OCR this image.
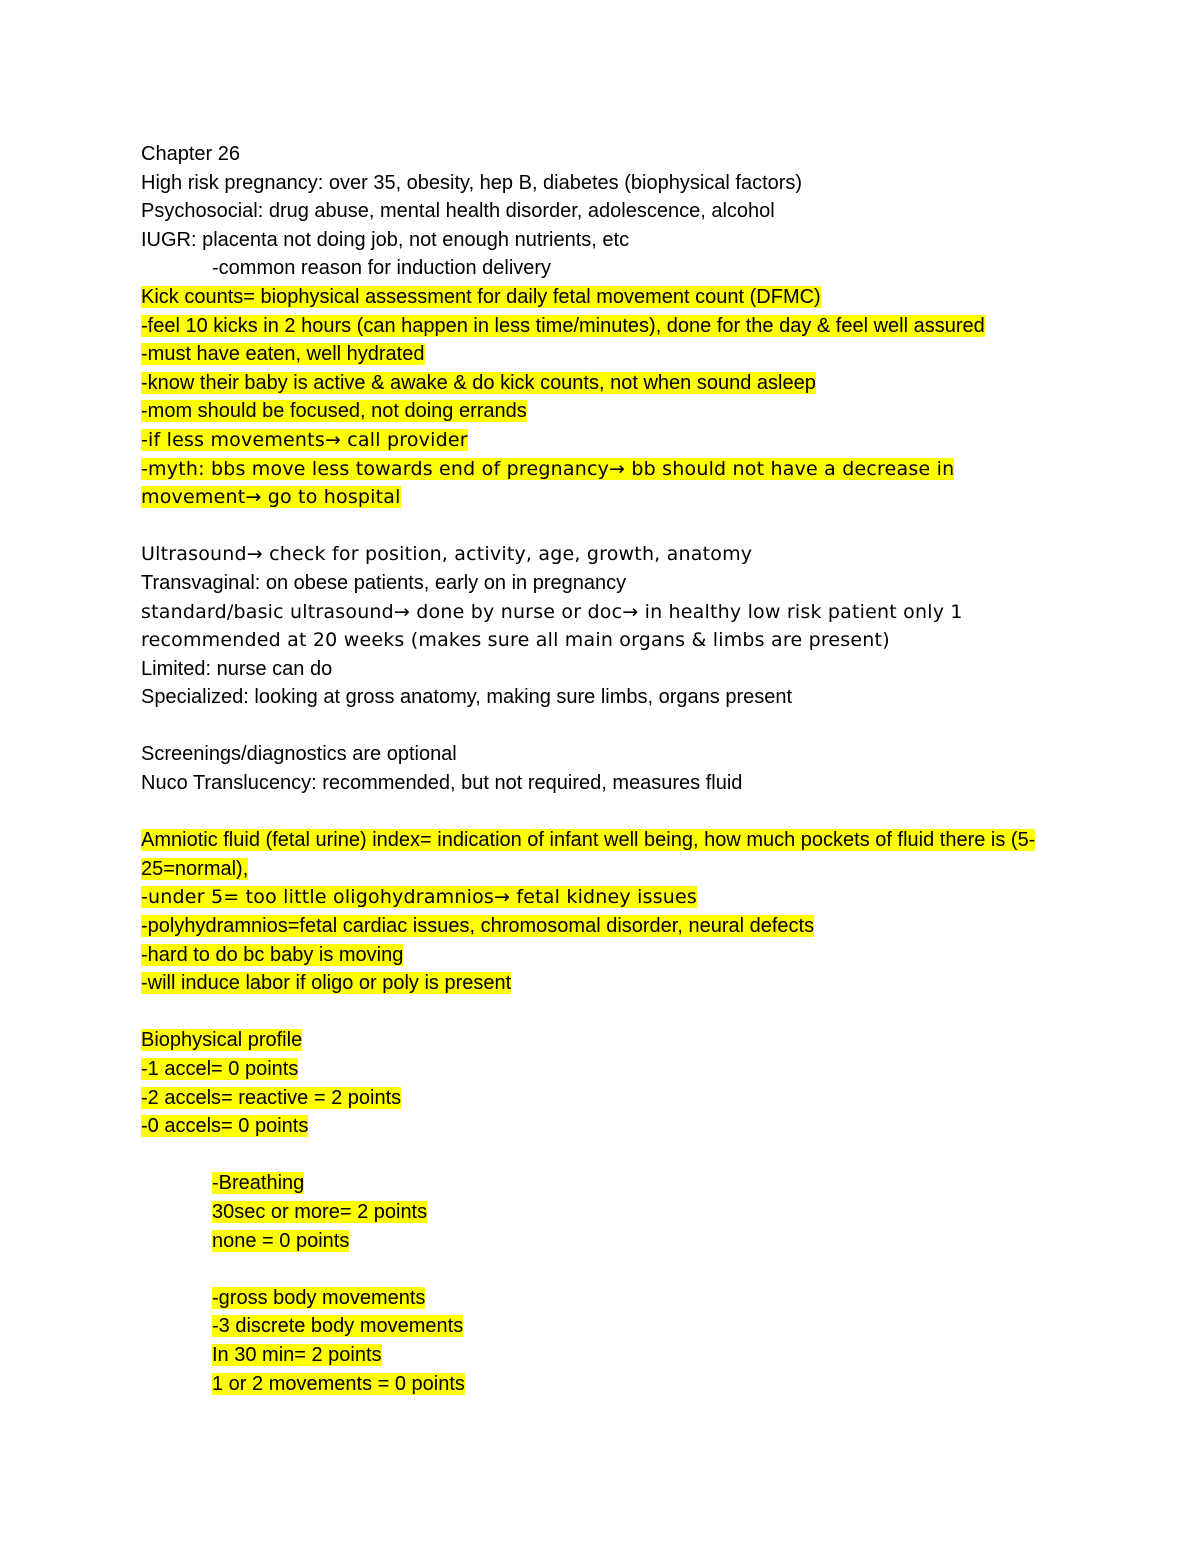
Chapter 26
High risk pregnancy: over 35, obesity, hep B, diabetes (biophysical factors)
Psychosocial: drug abuse, mental health disorder, adolescence, alcohol
IUGR: placenta not doing job, not enough nutrients, etc
-common reason for induction delivery
Kick counts= biophysical assessment for daily fetal movement count (DFMC)
-feel 10 kicks in 2 hours (can happen in less time/minutes), done for the day & feel well assured
-must have eaten, well hydrated
-know their baby is active & awake & do kick counts, not when sound asleep
-mom should be focused, not doing errands
-if less movements→ call provider
-myth: bbs move less towards end of pregnancy→ bb should not have a decrease in movement→ go to hospital
Ultrasound→ check for position, activity, age, growth, anatomy
Transvaginal: on obese patients, early on in pregnancy
standard/basic ultrasound→ done by nurse or doc→ in healthy low risk patient only 1 recommended at 20 weeks (makes sure all main organs & limbs are present)
Limited: nurse can do
Specialized: looking at gross anatomy, making sure limbs, organs present
Screenings/diagnostics are optional
Nuco Translucency: recommended, but not required, measures fluid
Amniotic fluid (fetal urine) index= indication of infant well being, how much pockets of fluid there is (5-25=normal),
-under 5= too little oligohydramnios→ fetal kidney issues
-polyhydramnios=fetal cardiac issues, chromosomal disorder, neural defects
-hard to do bc baby is moving
-will induce labor if oligo or poly is present
Biophysical profile
-1 accel= 0 points
-2 accels= reactive = 2 points
-0 accels= 0 points
-Breathing
30sec or more= 2 points
none = 0 points
-gross body movements
-3 discrete body movements
In 30 min= 2 points
1 or 2 movements = 0 points
